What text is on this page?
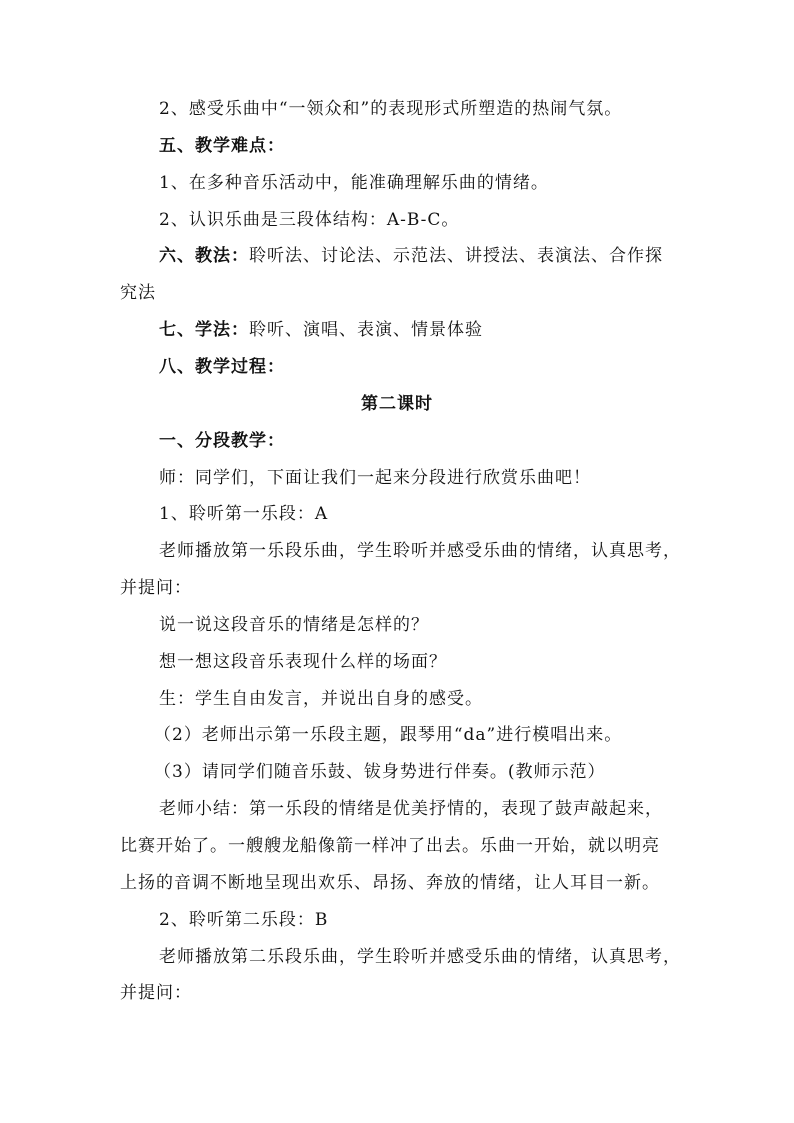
2、感受乐曲中“一领众和”的表现形式所塑造的热闹气氛。
五、教学难点：
1、在多种音乐活动中，能准确理解乐曲的情绪。
2、认识乐曲是三段体结构：A-B-C。
六、教法：聆听法、讨论法、示范法、讲授法、表演法、合作探
究法
七、学法：聆听、演唱、表演、情景体验
八、教学过程：
第二课时
一、分段教学：
师：同学们，下面让我们一起来分段进行欣赏乐曲吧！
1、聆听第一乐段：A
老师播放第一乐段乐曲，学生聆听并感受乐曲的情绪，认真思考，
并提问：
说一说这段音乐的情绪是怎样的？
想一想这段音乐表现什么样的场面？
生：学生自由发言，并说出自身的感受。
（2）老师出示第一乐段主题，跟琴用“da”进行模唱出来。
（3）请同学们随音乐鼓、钹身势进行伴奏。(教师示范）
老师小结：第一乐段的情绪是优美抒情的，表现了鼓声敲起来，
比赛开始了。一艘艘龙船像箭一样冲了出去。乐曲一开始，就以明亮
上扬的音调不断地呈现出欢乐、昂扬、奔放的情绪，让人耳目一新。
2、聆听第二乐段：B
老师播放第二乐段乐曲，学生聆听并感受乐曲的情绪，认真思考，
并提问：
